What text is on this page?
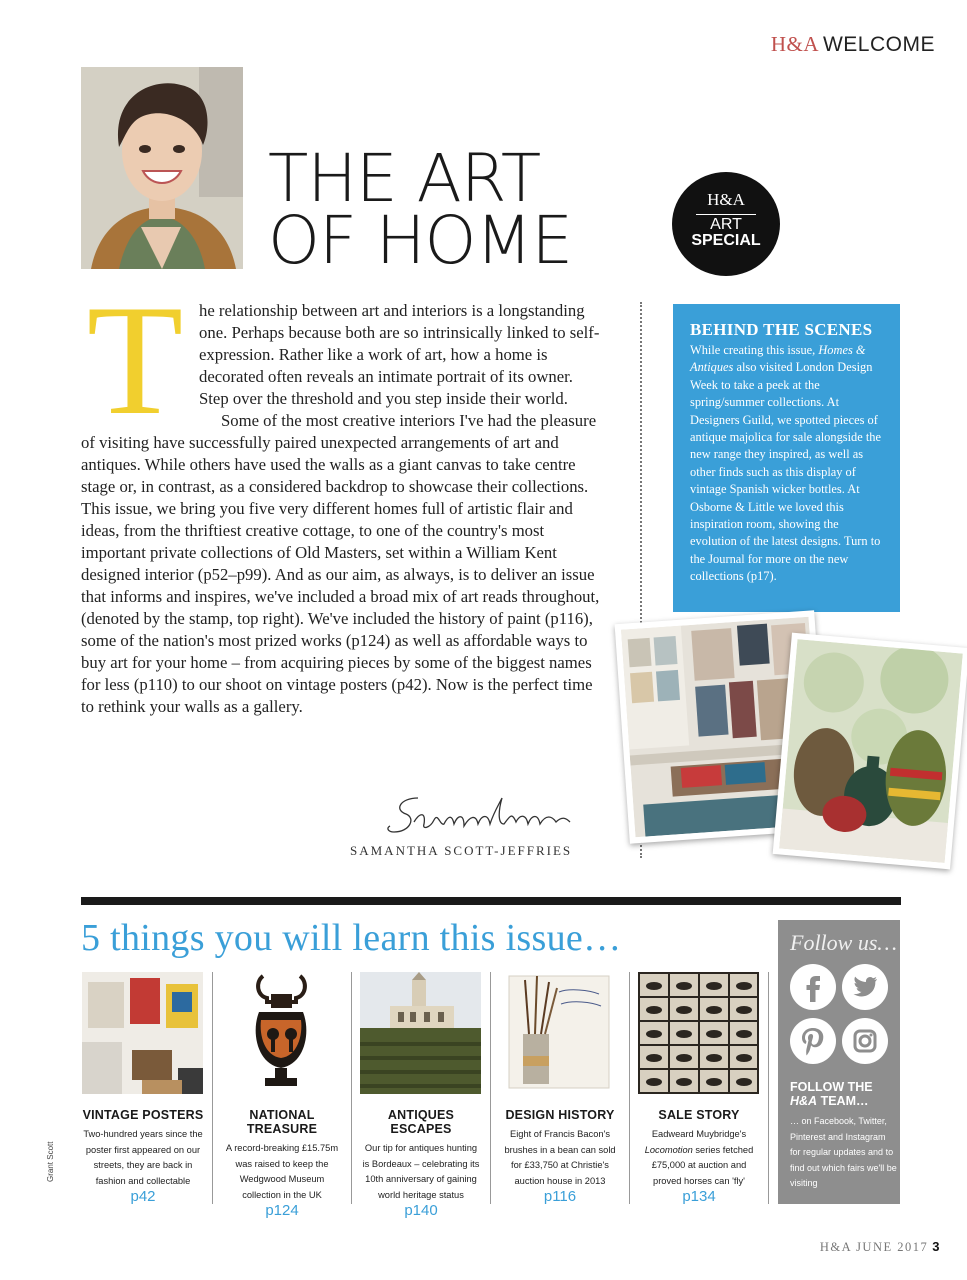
H&A WELCOME
THE ART
OF HOME
H&A
ART
SPECIAL
T he relationship between art and interiors is a longstanding one. Perhaps because both are so intrinsically linked to self-expression. Rather like a work of art, how a home is decorated often reveals an intimate portrait of its owner. Step over the threshold and you step inside their world.

Some of the most creative interiors I've had the pleasure of visiting have successfully paired unexpected arrangements of art and antiques. While others have used the walls as a giant canvas to take centre stage or, in contrast, as a considered backdrop to showcase their collections. This issue, we bring you five very different homes full of artistic flair and ideas, from the thriftiest creative cottage, to one of the country's most important private collections of Old Masters, set within a William Kent designed interior (p52–p99). And as our aim, as always, is to deliver an issue that informs and inspires, we've included a broad mix of art reads throughout, (denoted by the stamp, top right). We've included the history of paint (p116), some of the nation's most prized works (p124) as well as affordable ways to buy art for your home – from acquiring pieces by some of the biggest names for less (p110) to our shoot on vintage posters (p42). Now is the perfect time to rethink your walls as a gallery.

SAMANTHA SCOTT-JEFFRIES
BEHIND THE SCENES
While creating this issue, Homes & Antiques also visited London Design Week to take a peek at the spring/summer collections. At Designers Guild, we spotted pieces of antique majolica for sale alongside the new range they inspired, as well as other finds such as this display of vintage Spanish wicker bottles. At Osborne & Little we loved this inspiration room, showing the evolution of the latest designs. Turn to the Journal for more on the new collections (p17).
5 things you will learn this issue…
VINTAGE POSTERS
Two-hundred years since the poster first appeared on our streets, they are back in fashion and collectable
p42
NATIONAL TREASURE
A record-breaking £15.75m was raised to keep the Wedgwood Museum collection in the UK
p124
ANTIQUES ESCAPES
Our tip for antiques hunting is Bordeaux – celebrating its 10th anniversary of gaining world heritage status
p140
DESIGN HISTORY
Eight of Francis Bacon's brushes in a bean can sold for £33,750 at Christie's auction house in 2013
p116
SALE STORY
Eadweard Muybridge's Locomotion series fetched £75,000 at auction and proved horses can 'fly'
p134
Follow us…
FOLLOW THE
H&A TEAM…
… on Facebook, Twitter, Pinterest and Instagram for regular updates and to find out which fairs we'll be visiting
Grant Scott
H&A JUNE 2017 3
